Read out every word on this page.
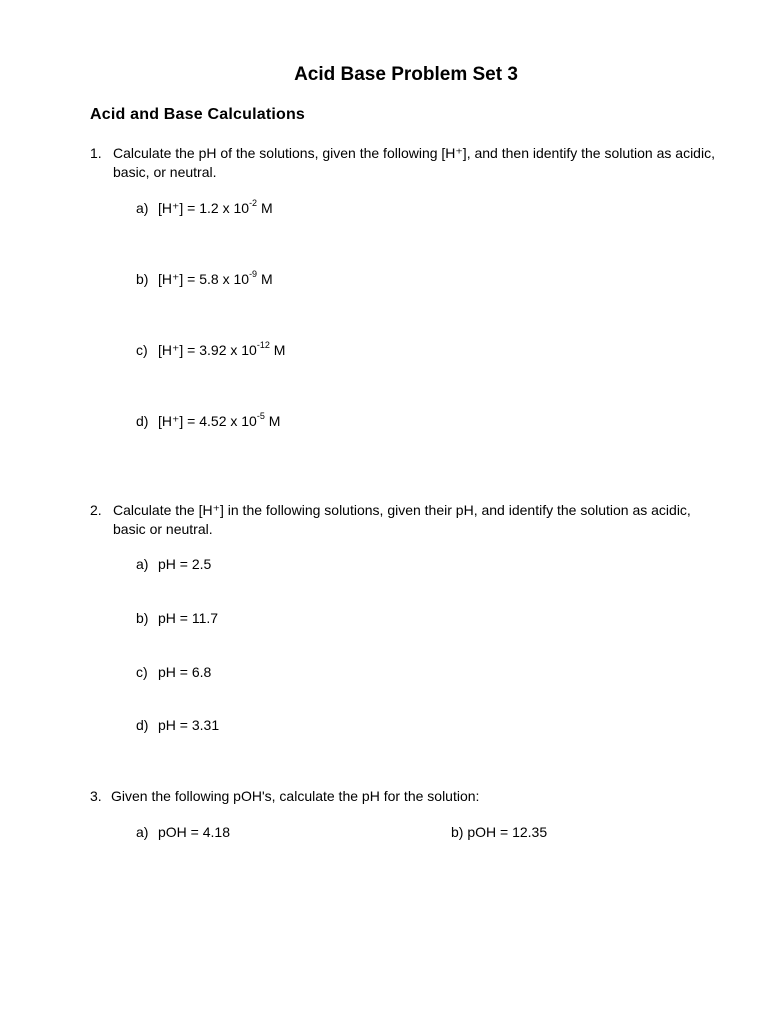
Acid Base Problem Set 3
Acid and Base Calculations
1. Calculate the pH of the solutions, given the following [H⁺], and then identify the solution as acidic, basic, or neutral.
a) [H⁺] = 1.2 x $10^{-2}$ M
b) [H⁺] = 5.8 x $10^{-9}$ M
c) [H⁺] = 3.92 x $10^{-12}$ M
d) [H⁺] = 4.52 x $10^{-5}$ M
2. Calculate the [H⁺] in the following solutions, given their pH, and identify the solution as acidic, basic or neutral.
a) pH = 2.5
b) pH = 11.7
c) pH = 6.8
d) pH = 3.31
3. Given the following pOH's, calculate the pH for the solution:
a) pOH = 4.18	b) pOH = 12.35
